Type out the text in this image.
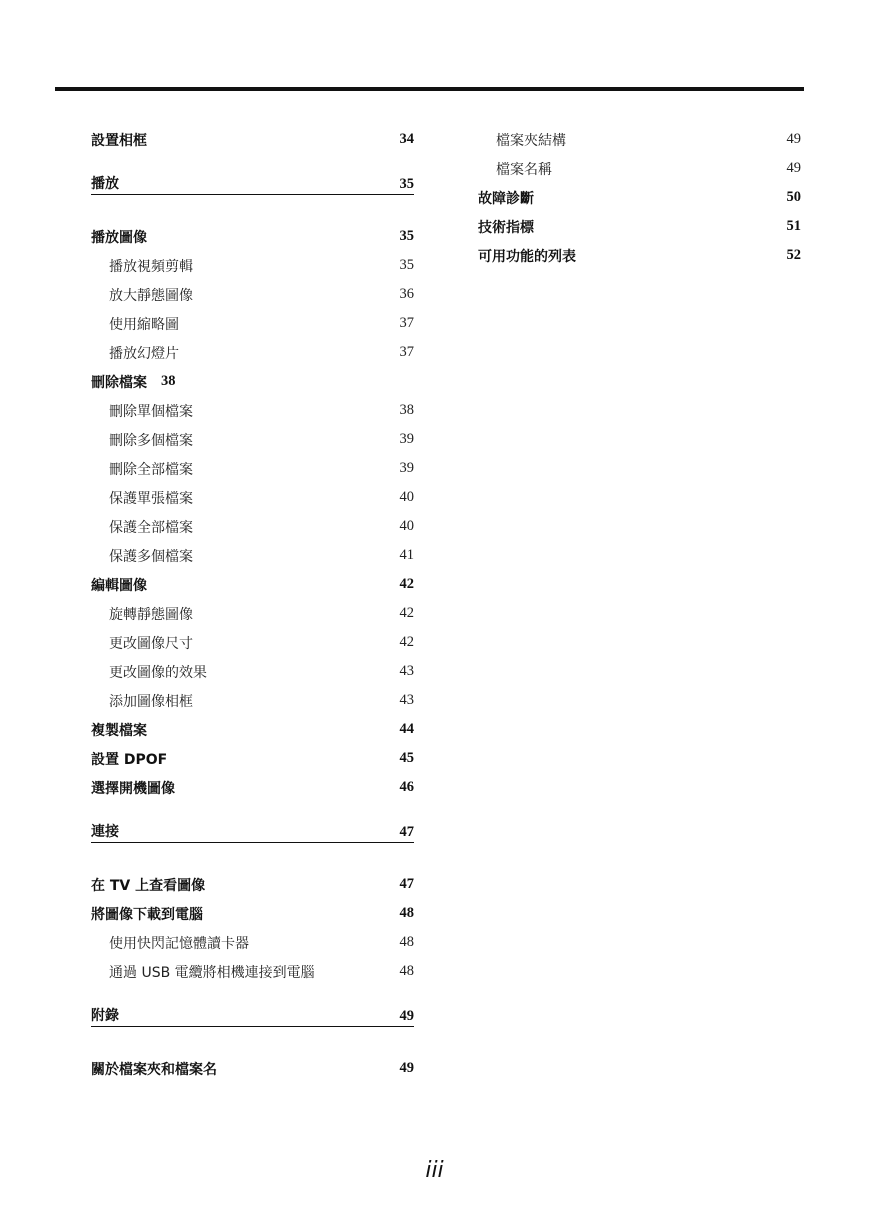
設置相框	34
播放	35
播放圖像	35
播放視頻剪輯	35
放大靜態圖像	36
使用縮略圖	37
播放幻燈片	37
刪除檔案 38
刪除單個檔案	38
刪除多個檔案	39
刪除全部檔案	39
保護單張檔案	40
保護全部檔案	40
保護多個檔案	41
編輯圖像	42
旋轉靜態圖像	42
更改圖像尺寸	42
更改圖像的效果	43
添加圖像相框	43
複製檔案	44
設置 DPOF	45
選擇開機圖像	46
連接	47
在 TV 上查看圖像	47
將圖像下載到電腦	48
使用快閃記憶體讀卡器	48
通過 USB 電纜將相機連接到電腦	48
附錄	49
關於檔案夾和檔案名	49
檔案夾結構	49
檔案名稱	49
故障診斷	50
技術指標	51
可用功能的列表	52
iii
